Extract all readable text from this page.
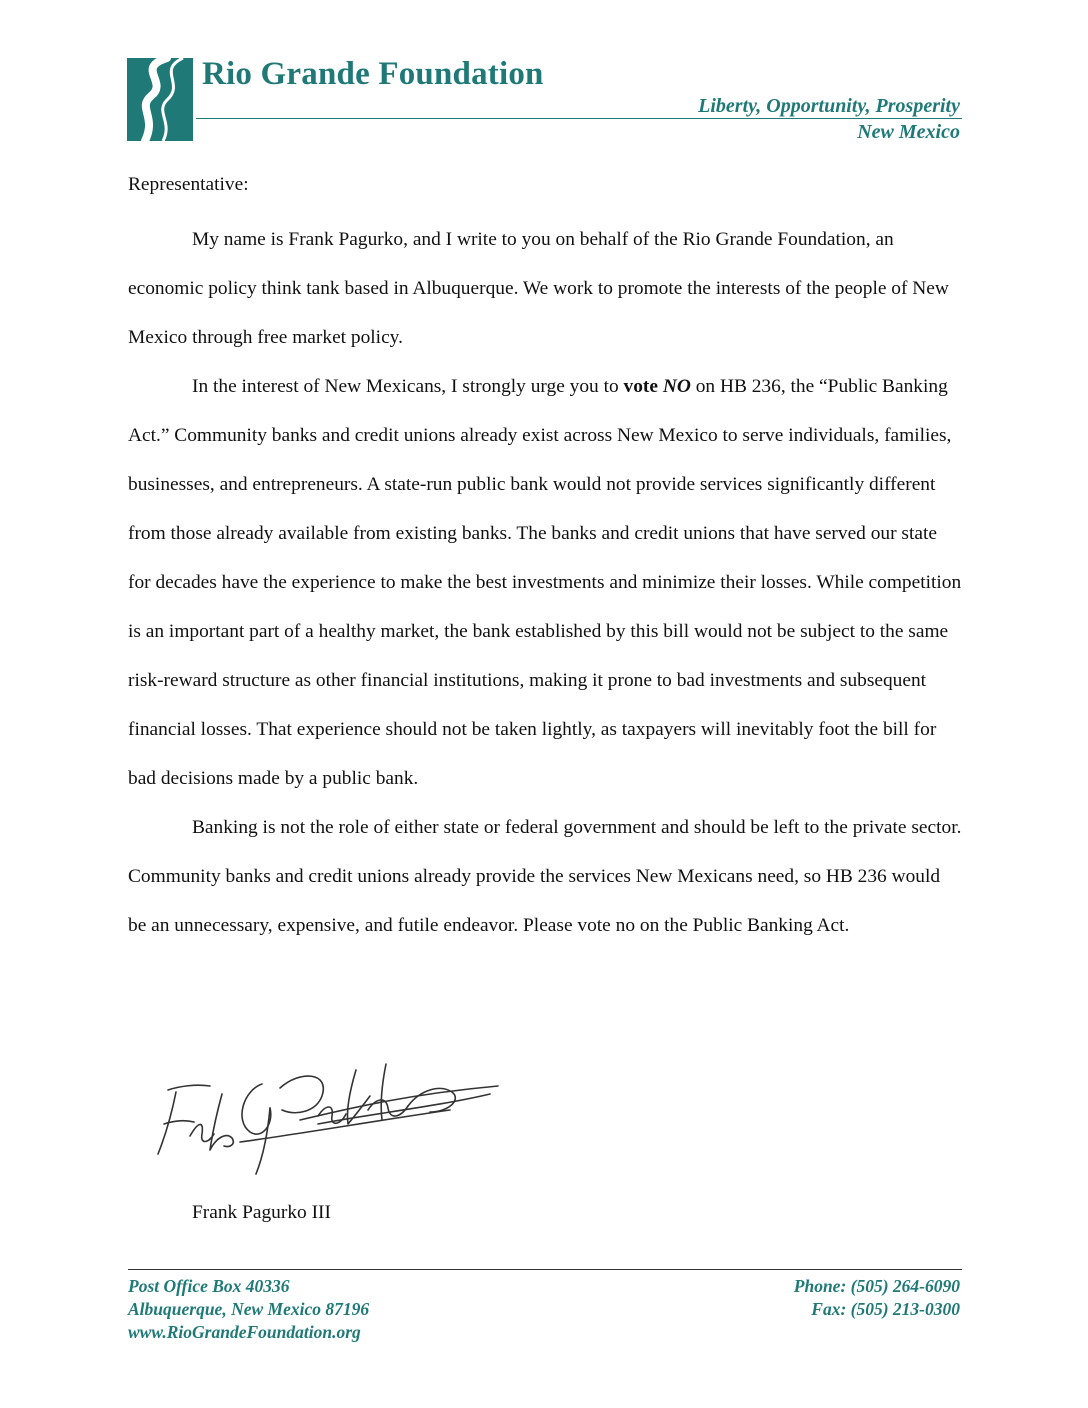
Rio Grande Foundation
Liberty, Opportunity, Prosperity
New Mexico

Representative:

My name is Frank Pagurko, and I write to you on behalf of the Rio Grande Foundation, an economic policy think tank based in Albuquerque. We work to promote the interests of the people of New Mexico through free market policy.

In the interest of New Mexicans, I strongly urge you to vote NO on HB 236, the “Public Banking Act.” Community banks and credit unions already exist across New Mexico to serve individuals, families, businesses, and entrepreneurs. A state-run public bank would not provide services significantly different from those already available from existing banks. The banks and credit unions that have served our state for decades have the experience to make the best investments and minimize their losses. While competition is an important part of a healthy market, the bank established by this bill would not be subject to the same risk-reward structure as other financial institutions, making it prone to bad investments and subsequent financial losses. That experience should not be taken lightly, as taxpayers will inevitably foot the bill for bad decisions made by a public bank.

Banking is not the role of either state or federal government and should be left to the private sector. Community banks and credit unions already provide the services New Mexicans need, so HB 236 would be an unnecessary, expensive, and futile endeavor. Please vote no on the Public Banking Act.

Frank Pagurko III
Post Office Box 40336
Albuquerque, New Mexico 87196
www.RioGrandeFoundation.org
Phone: (505) 264-6090
Fax: (505) 213-0300
